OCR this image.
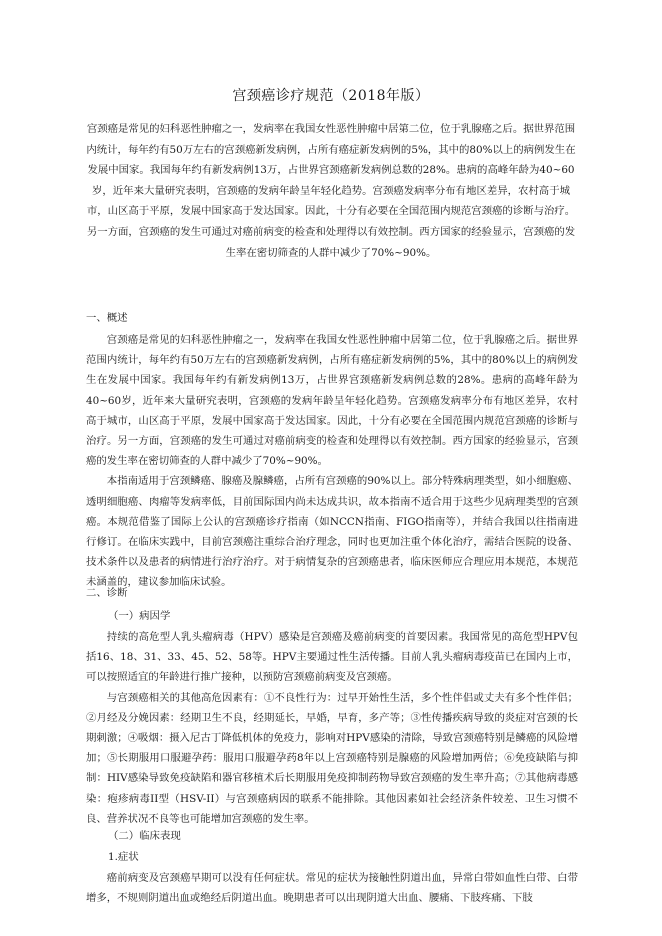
宫颈癌诊疗规范（2018年版）

宫颈癌是常见的妇科恶性肿瘤之一，发病率在我国女性恶性肿瘤中居第二位，位于乳腺癌之后。据世界范围内统计，每年约有50万左右的宫颈癌新发病例，占所有癌症新发病例的5%，其中的80%以上的病例发生在发展中国家。我国每年约有新发病例13万，占世界宫颈癌新发病例总数的28%。患病的高峰年龄为40~60岁，近年来大量研究表明，宫颈癌的发病年龄呈年轻化趋势。宫颈癌发病率分布有地区差异，农村高于城市，山区高于平原，发展中国家高于发达国家。因此，十分有必要在全国范围内规范宫颈癌的诊断与治疗。另一方面，宫颈癌的发生可通过对癌前病变的检查和处理得以有效控制。西方国家的经验显示，宫颈癌的发生率在密切筛查的人群中减少了70%~90%。

一、概述

宫颈癌是常见的妇科恶性肿瘤之一，发病率在我国女性恶性肿瘤中居第二位，位于乳腺癌之后。据世界范围内统计，每年约有50万左右的宫颈癌新发病例，占所有癌症新发病例的5%，其中的80%以上的病例发生在发展中国家。我国每年约有新发病例13万，占世界宫颈癌新发病例总数的28%。患病的高峰年龄为40~60岁，近年来大量研究表明，宫颈癌的发病年龄呈年轻化趋势。宫颈癌发病率分布有地区差异，农村高于城市，山区高于平原，发展中国家高于发达国家。因此，十分有必要在全国范围内规范宫颈癌的诊断与治疗。另一方面，宫颈癌的发生可通过对癌前病变的检查和处理得以有效控制。西方国家的经验显示，宫颈癌的发生率在密切筛查的人群中减少了70%~90%。

本指南适用于宫颈鳞癌、腺癌及腺鳞癌，占所有宫颈癌的90%以上。部分特殊病理类型，如小细胞癌、透明细胞癌、肉瘤等发病率低，目前国际国内尚未达成共识，故本指南不适合用于这些少见病理类型的宫颈癌。本规范借鉴了国际上公认的宫颈癌诊疗指南（如NCCN指南、FIGO指南等），并结合我国以往指南进行修订。在临床实践中，目前宫颈癌注重综合治疗理念，同时也更加注重个体化治疗，需结合医院的设备、技术条件以及患者的病情进行治疗治疗。对于病情复杂的宫颈癌患者，临床医师应合理应用本规范，本规范未涵盖的，建议参加临床试验。

二、诊断
（一）病因学

持续的高危型人乳头瘤病毒（HPV）感染是宫颈癌及癌前病变的首要因素。我国常见的高危型HPV包括16、18、31、33、45、52、58等。HPV主要通过性生活传播。目前人乳头瘤病毒疫苗已在国内上市，可以按照适宜的年龄进行推广接种，以预防宫颈癌前病变及宫颈癌。

与宫颈癌相关的其他高危因素有：①不良性行为：过早开始性生活，多个性伴侣或丈夫有多个性伴侣；②月经及分娩因素：经期卫生不良，经期延长，早婚，早育，多产等；③性传播疾病导致的炎症对宫颈的长期刺激；④吸烟：摄入尼古丁降低机体的免疫力，影响对HPV感染的清除，导致宫颈癌特别是鳞癌的风险增加；⑤长期服用口服避孕药：服用口服避孕药8年以上宫颈癌特别是腺癌的风险增加两倍；⑥免疫缺陷与抑制：HIV感染导致免疫缺陷和器官移植术后长期服用免疫抑制药物导致宫颈癌的发生率升高；⑦其他病毒感染：疱疹病毒II型（HSV-II）与宫颈癌病因的联系不能排除。其他因素如社会经济条件较差、卫生习惯不良、营养状况不良等也可能增加宫颈癌的发生率。

（二）临床表现
1.症状

癌前病变及宫颈癌早期可以没有任何症状。常见的症状为接触性阴道出血，异常白带如血性白带、白带增多，不规则阴道出血或绝经后阴道出血。晚期患者可以出现阴道大出血、腰痛、下肢疼痛、下肢
